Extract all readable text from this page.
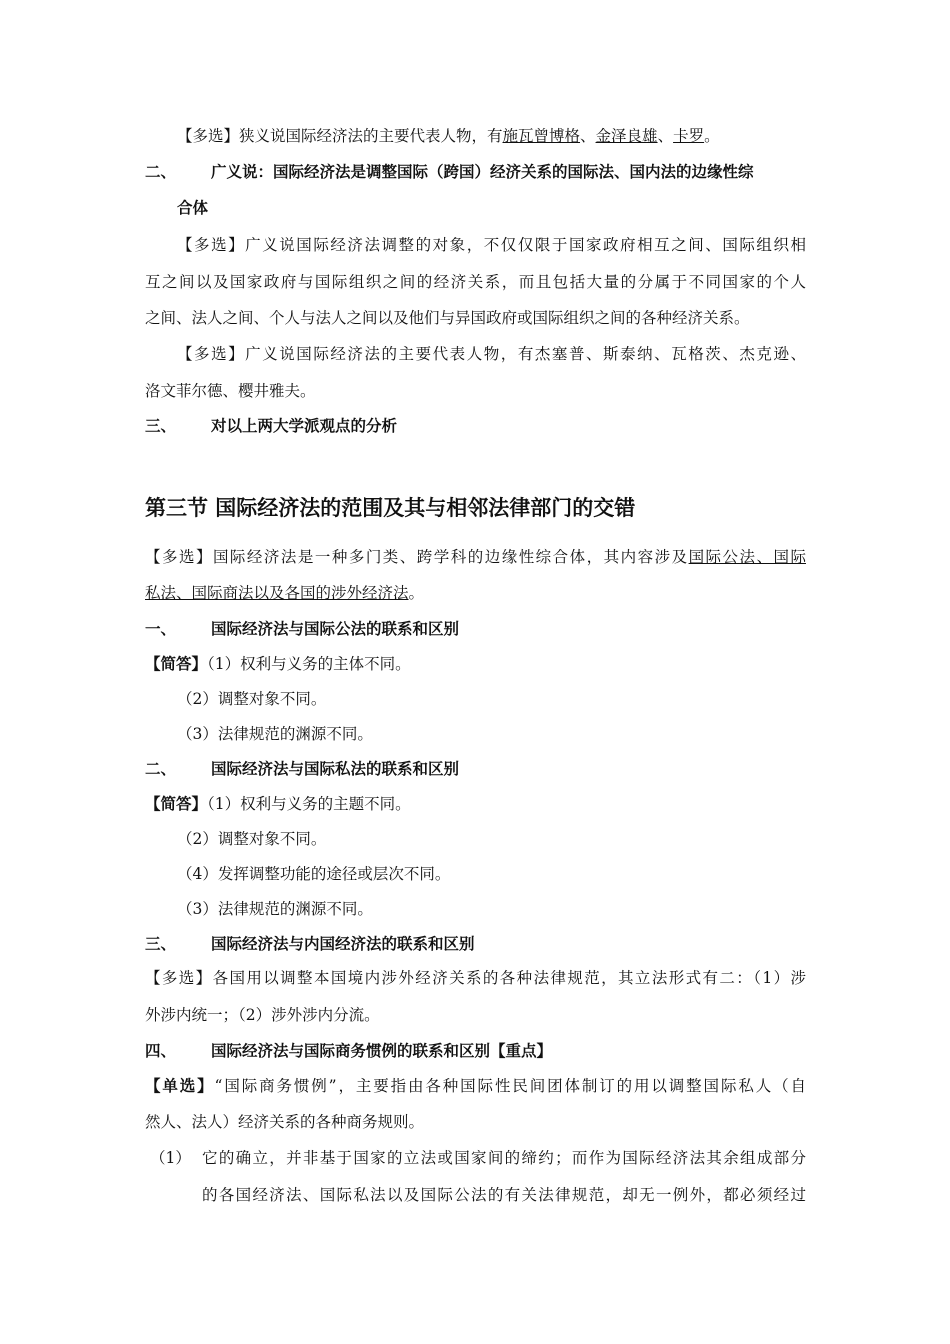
【多选】狭义说国际经济法的主要代表人物，有施瓦曾博格、金泽良雄、卡罗。
二、 广义说：国际经济法是调整国际（跨国）经济关系的国际法、国内法的边缘性综
合体
【多选】广义说国际经济法调整的对象，不仅仅限于国家政府相互之间、国际组织相
互之间以及国家政府与国际组织之间的经济关系，而且包括大量的分属于不同国家的个人
之间、法人之间、个人与法人之间以及他们与异国政府或国际组织之间的各种经济关系。
【多选】广义说国际经济法的主要代表人物，有杰塞普、斯泰纳、瓦格茨、杰克逊、
洛文菲尔德、樱井雅夫。
三、 对以上两大学派观点的分析
第三节 国际经济法的范围及其与相邻法律部门的交错
【多选】国际经济法是一种多门类、跨学科的边缘性综合体，其内容涉及国际公法、国际
私法、国际商法以及各国的涉外经济法。
一、 国际经济法与国际公法的联系和区别
【简答】（1）权利与义务的主体不同。
（2）调整对象不同。
（3）法律规范的渊源不同。
二、 国际经济法与国际私法的联系和区别
【简答】（1）权利与义务的主题不同。
（2）调整对象不同。
（4）发挥调整功能的途径或层次不同。
（3）法律规范的渊源不同。
三、 国际经济法与内国经济法的联系和区别
【多选】各国用以调整本国境内涉外经济关系的各种法律规范，其立法形式有二：（1）涉
外涉内统一；（2）涉外涉内分流。
四、 国际经济法与国际商务惯例的联系和区别【重点】
【单选】“国际商务惯例”，主要指由各种国际性民间团体制订的用以调整国际私人（自
然人、法人）经济关系的各种商务规则。
（1） 它的确立，并非基于国家的立法或国家间的缔约；而作为国际经济法其余组成部分
的各国经济法、国际私法以及国际公法的有关法律规范，却无一例外，都必须经过
